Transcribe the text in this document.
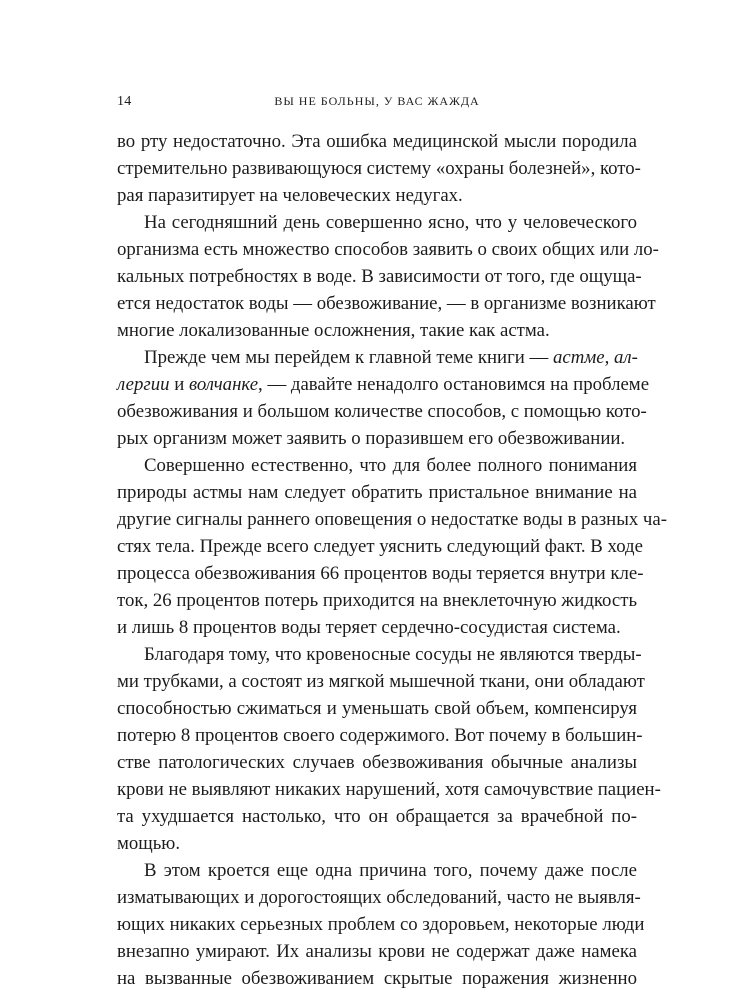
14	ВЫ НЕ БОЛЬНЫ, У ВАС ЖАЖДА

во рту недостаточно. Эта ошибка медицинской мысли породила
стремительно развивающуюся систему «охраны болезней», кото-
рая паразитирует на человеческих недугах.

На сегодняшний день совершенно ясно, что у человеческого
организма есть множество способов заявить о своих общих или ло-
кальных потребностях в воде. В зависимости от того, где ощуща-
ется недостаток воды — обезвоживание, — в организме возникают
многие локализованные осложнения, такие как астма.

Прежде чем мы перейдем к главной теме книги — астме, ал-
лергии и волчанке, — давайте ненадолго остановимся на проблеме
обезвоживания и большом количестве способов, с помощью кото-
рых организм может заявить о поразившем его обезвоживании.

Совершенно естественно, что для более полного понимания
природы астмы нам следует обратить пристальное внимание на
другие сигналы раннего оповещения о недостатке воды в разных ча-
стях тела. Прежде всего следует уяснить следующий факт. В ходе
процесса обезвоживания 66 процентов воды теряется внутри кле-
ток, 26 процентов потерь приходится на внеклеточную жидкость
и лишь 8 процентов воды теряет сердечно-сосудистая система.

Благодаря тому, что кровеносные сосуды не являются тверды-
ми трубками, а состоят из мягкой мышечной ткани, они обладают
способностью сжиматься и уменьшать свой объем, компенсируя
потерю 8 процентов своего содержимого. Вот почему в большин-
стве патологических случаев обезвоживания обычные анализы
крови не выявляют никаких нарушений, хотя самочувствие пациен-
та ухудшается настолько, что он обращается за врачебной по-
мощью.

В этом кроется еще одна причина того, почему даже после
изматывающих и дорогостоящих обследований, часто не выявля-
ющих никаких серьезных проблем со здоровьем, некоторые люди
внезапно умирают. Их анализы крови не содержат даже намека
на вызванные обезвоживанием скрытые поражения жизненно
